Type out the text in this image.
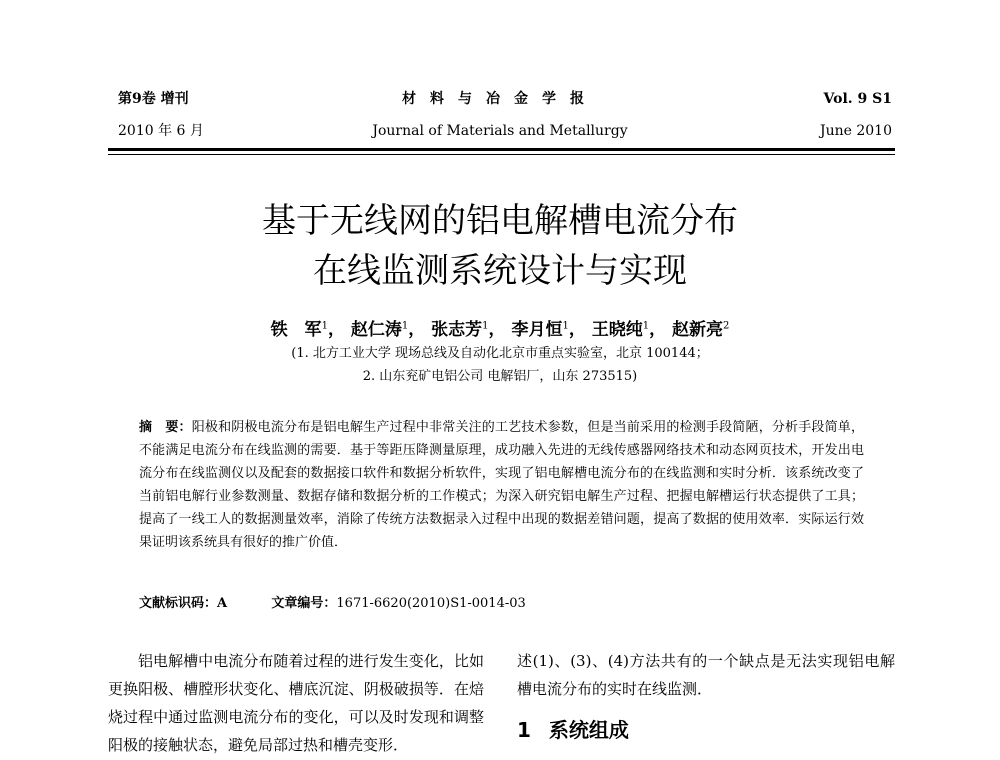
第9卷 增刊
2010 年 6 月
材料与冶金学报
Journal of Materials and Metallurgy
Vol. 9 S1
June 2010
基于无线网的铝电解槽电流分布
在线监测系统设计与实现
铁　军$^1$， 赵仁涛$^1$， 张志芳$^1$， 李月恒$^1$， 王晓纯$^1$， 赵新亮$^2$
(1. 北方工业大学 现场总线及自动化北京市重点实验室，北京 100144；
2. 山东兖矿电铝公司 电解铝厂，山东 273515)
摘　要：阳极和阴极电流分布是铝电解生产过程中非常关注的工艺技术参数，但是当前采用的检测手段简陋，分析手段简单，不能满足电流分布在线监测的需要．基于等距压降测量原理，成功融入先进的无线传感器网络技术和动态网页技术，开发出电流分布在线监测仪以及配套的数据接口软件和数据分析软件，实现了铝电解槽电流分布的在线监测和实时分析．该系统改变了当前铝电解行业参数测量、数据存储和数据分析的工作模式；为深入研究铝电解生产过程、把握电解槽运行状态提供了工具；提高了一线工人的数据测量效率，消除了传统方法数据录入过程中出现的数据差错问题，提高了数据的使用效率．实际运行效果证明该系统具有很好的推广价值．
文献标识码：A	文章编号：1671-6620(2010)S1-0014-03
铝电解槽中电流分布随着过程的进行发生变化，比如更换阳极、槽膛形状变化、槽底沉淀、阴极破损等．在焙烧过程中通过监测电流分布的变化，可以及时发现和调整阳极的接触状态，避免局部过热和槽壳变形．
述(1)、(3)、(4)方法共有的一个缺点是无法实现铝电解槽电流分布的实时在线监测．
1 系统组成
